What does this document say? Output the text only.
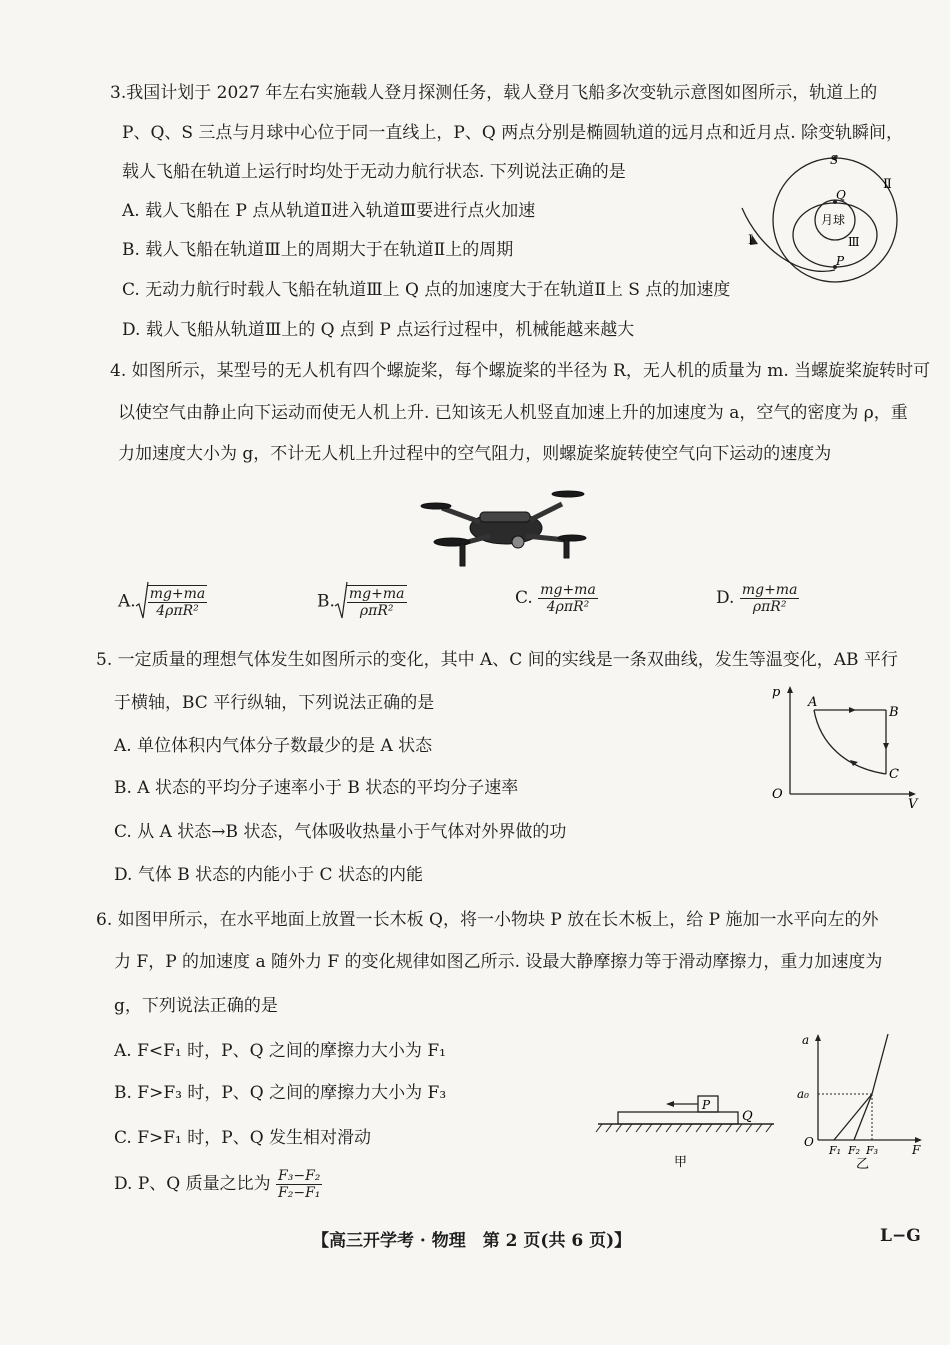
3.我国计划于 2027 年左右实施载人登月探测任务，载人登月飞船多次变轨示意图如图所示，轨道上的
P、Q、S 三点与月球中心位于同一直线上，P、Q 两点分别是椭圆轨道的远月点和近月点. 除变轨瞬间，
载人飞船在轨道上运行时均处于无动力航行状态. 下列说法正确的是
A. 载人飞船在 P 点从轨道Ⅱ进入轨道Ⅲ要进行点火加速
B. 载人飞船在轨道Ⅲ上的周期大于在轨道Ⅱ上的周期
C. 无动力航行时载人飞船在轨道Ⅲ上 Q 点的加速度大于在轨道Ⅱ上 S 点的加速度
D. 载人飞船从轨道Ⅲ上的 Q 点到 P 点运行过程中，机械能越来越大
S
Q
P
月球
Ⅰ
Ⅱ
Ⅲ
4. 如图所示，某型号的无人机有四个螺旋桨，每个螺旋桨的半径为 R，无人机的质量为 m. 当螺旋桨旋转时可
以使空气由静止向下运动而使无人机上升. 已知该无人机竖直加速上升的加速度为 a，空气的密度为 ρ，重
力加速度大小为 g，不计无人机上升过程中的空气阻力，则螺旋桨旋转使空气向下运动的速度为
A. $\frac{mg+ma}{\text{4ρπR²}}$	B. $\frac{mg+ma}{\text{ρπR²}}$	C. $\frac{mg+ma}{\text{4ρπR²}}$	D. $\frac{mg+ma}{\text{ρπR²}}$
5. 一定质量的理想气体发生如图所示的变化，其中 A、C 间的实线是一条双曲线，发生等温变化，AB 平行
于横轴，BC 平行纵轴，下列说法正确的是
A. 单位体积内气体分子数最少的是 A 状态
B. A 状态的平均分子速率小于 B 状态的平均分子速率
C. 从 A 状态→B 状态，气体吸收热量小于气体对外界做的功
D. 气体 B 状态的内能小于 C 状态的内能
p
V
O
A
B
C
6. 如图甲所示，在水平地面上放置一长木板 Q，将一小物块 P 放在长木板上，给 P 施加一水平向左的外
力 F，P 的加速度 a 随外力 F 的变化规律如图乙所示. 设最大静摩擦力等于滑动摩擦力，重力加速度为
g，下列说法正确的是
A. F<F₁ 时，P、Q 之间的摩擦力大小为 F₁
B. F>F₃ 时，P、Q 之间的摩擦力大小为 F₃
C. F>F₁ 时，P、Q 发生相对滑动
D. P、Q 质量之比为 $\frac{\text{F₃−F₂}}{\text{F₂−F₁}}$
P
Q
甲
a
a₀
O
F₁ F₂ F₃	F
乙
【高三开学考 · 物理　第 2 页(共 6 页)】	L−G
